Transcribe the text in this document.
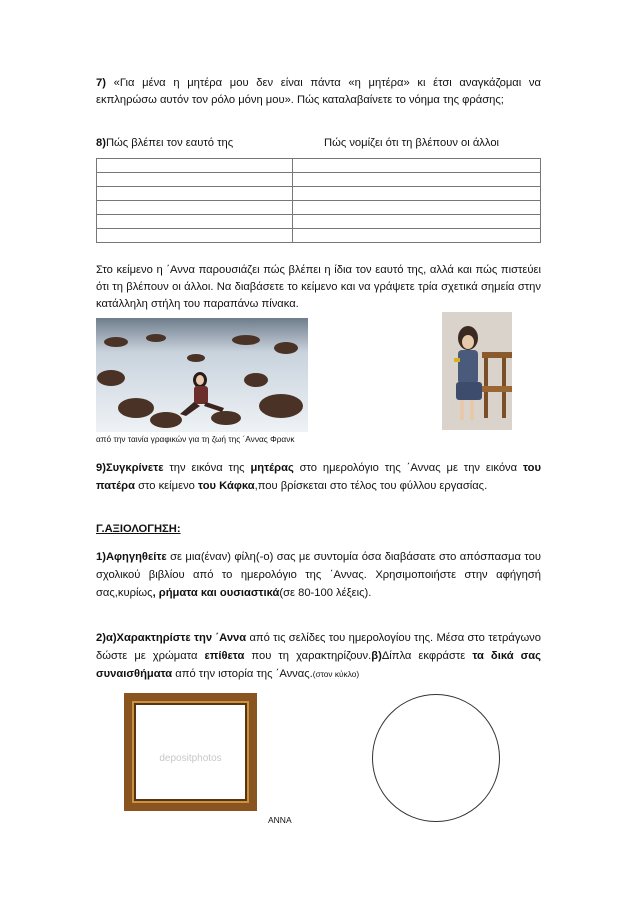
7) «Για μένα η μητέρα μου δεν είναι πάντα «η μητέρα» κι έτσι αναγκάζομαι να εκπληρώσω αυτόν τον ρόλο μόνη μου». Πώς καταλαβαίνετε το νόημα της φράσης;
8)Πώς βλέπει τον εαυτό της	Πώς νομίζει ότι τη βλέπουν οι άλλοι

Στο κείμενο η ΄Αννα παρουσιάζει πώς βλέπει η ίδια τον εαυτό της, αλλά και πώς πιστεύει ότι τη βλέπουν οι άλλοι. Να διαβάσετε το κείμενο και να γράψετε τρία σχετικά σημεία στην κατάλληλη στήλη του παραπάνω πίνακα.
από την ταινία γραφικών για τη ζωή της ΄Αννας Φρανκ
9)Συγκρίνετε την εικόνα της μητέρας στο ημερολόγιο της ΄Αννας με την εικόνα του πατέρα στο κείμενο του Κάφκα,που βρίσκεται στο τέλος του φύλλου εργασίας.
Γ.ΑΞΙΟΛΟΓΗΣΗ:
1)Αφηγηθείτε σε μια(έναν) φίλη(-ο) σας με συντομία όσα διαβάσατε στο απόσπασμα του σχολικού βιβλίου από το ημερολόγιο της ΄Αννας. Χρησιμοποιήστε στην αφήγησή σας,κυρίως, ρήματα και ουσιαστικά(σε 80-100 λέξεις).
2)α)Χαρακτηρίστε την ΄Αννα από τις σελίδες του ημερολογίου της. Μέσα στο τετράγωνο δώστε με χρώματα επίθετα που τη χαρακτηρίζουν.β)Δίπλα εκφράστε τα δικά σας συναισθήματα από την ιστορία της ΄Αννας.(στον κύκλο)
depositphotos
ΑΝΝΑ
